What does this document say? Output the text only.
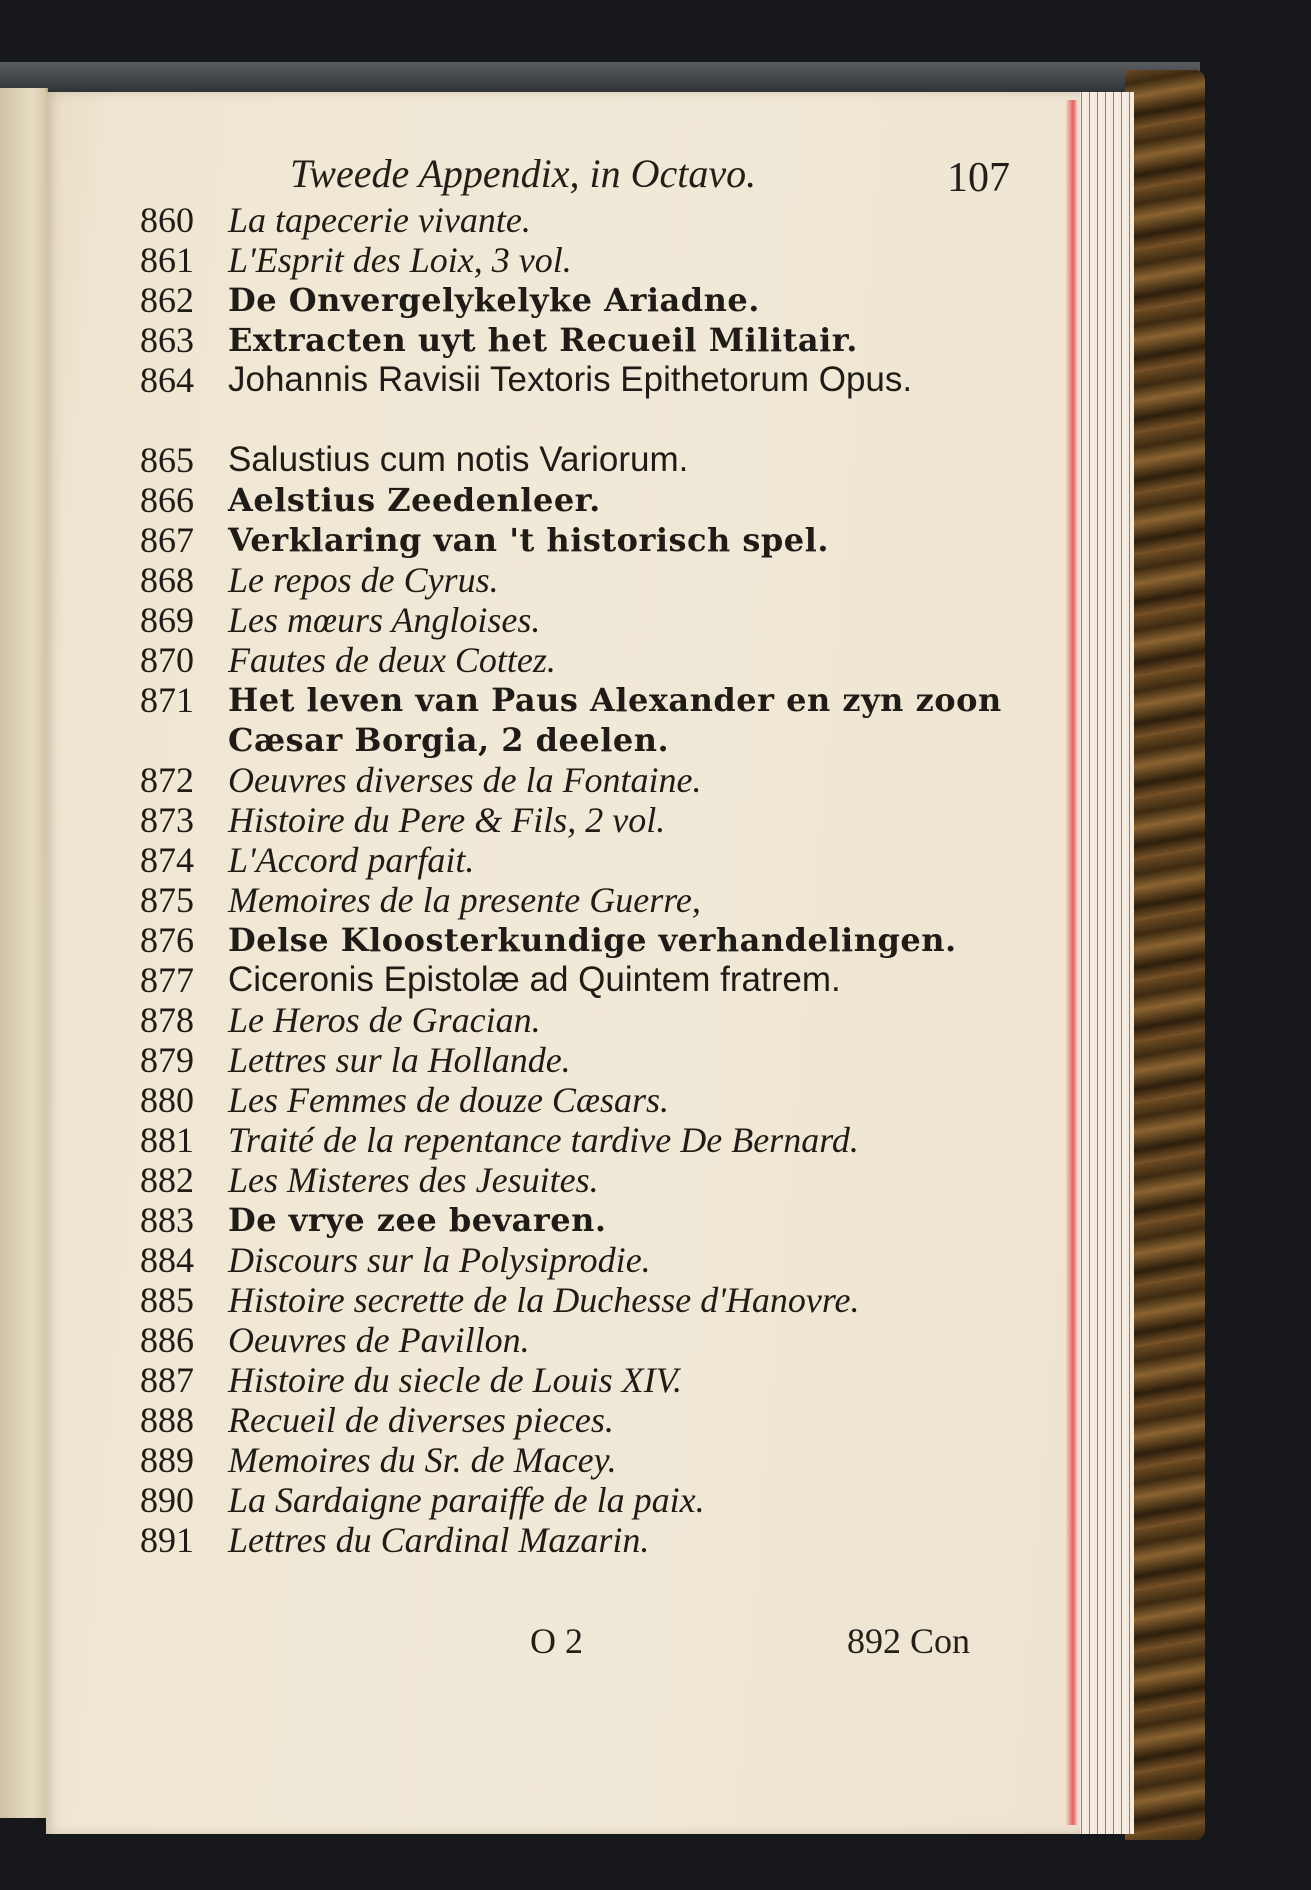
Tweede Appendix, in Octavo.	107
860 La tapecerie vivante.
861 L'Esprit des Loix, 3 vol.
862	De Onvergelykelyke Ariadne.
863	Extracten uyt het Recueil Militair.
864 Johannis Ravisii Textoris Epithetorum Opus.
865 Salustius cum notis Variorum.
866	Aelstius Zeedenleer.
867	Verklaring van 't historisch spel.
868 Le repos de Cyrus.
869 Les mœurs Angloises.
870 Fautes de deux Cottez.
871	Het leven van Paus Alexander en zyn zoon Cæsar Borgia, 2 deelen.
872 Oeuvres diverses de la Fontaine.
873 Histoire du Pere & Fils, 2 vol.
874 L'Accord parfait.
875 Memoires de la presente Guerre,
876	Delse Kloosterkundige verhandelingen.
877 Ciceronis Epistolæ ad Quintem fratrem.
878 Le Heros de Gracian.
879 Lettres sur la Hollande.
880 Les Femmes de douze Cæsars.
881 Traité de la repentance tardive De Bernard.
882 Les Misteres des Jesuites.
883	De vrye zee bevaren.
884 Discours sur la Polysiprodie.
885 Histoire secrette de la Duchesse d'Hanovre.
886 Oeuvres de Pavillon.
887 Histoire du siecle de Louis XIV.
888 Recueil de diverses pieces.
889 Memoires du Sr. de Macey.
890 La Sardaigne paraiffe de la paix.
891 Lettres du Cardinal Mazarin.
O 2	892 Con
